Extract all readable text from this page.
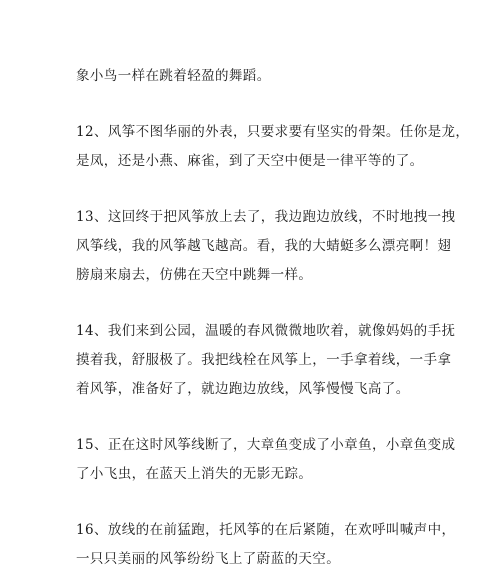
象小鸟一样在跳着轻盈的舞蹈。

12、风筝不图华丽的外表，只要求要有坚实的骨架。任你是龙，
是凤，还是小燕、麻雀，到了天空中便是一律平等的了。

13、这回终于把风筝放上去了，我边跑边放线，不时地拽一拽
风筝线，我的风筝越飞越高。看，我的大蜻蜓多么漂亮啊！翅
膀扇来扇去，仿佛在天空中跳舞一样。

14、我们来到公园，温暖的春风微微地吹着，就像妈妈的手抚
摸着我，舒服极了。我把线栓在风筝上，一手拿着线，一手拿
着风筝，准备好了，就边跑边放线，风筝慢慢飞高了。

15、正在这时风筝线断了，大章鱼变成了小章鱼，小章鱼变成
了小飞虫，在蓝天上消失的无影无踪。

16、放线的在前猛跑，托风筝的在后紧随，在欢呼叫喊声中，
一只只美丽的风筝纷纷飞上了蔚蓝的天空。
